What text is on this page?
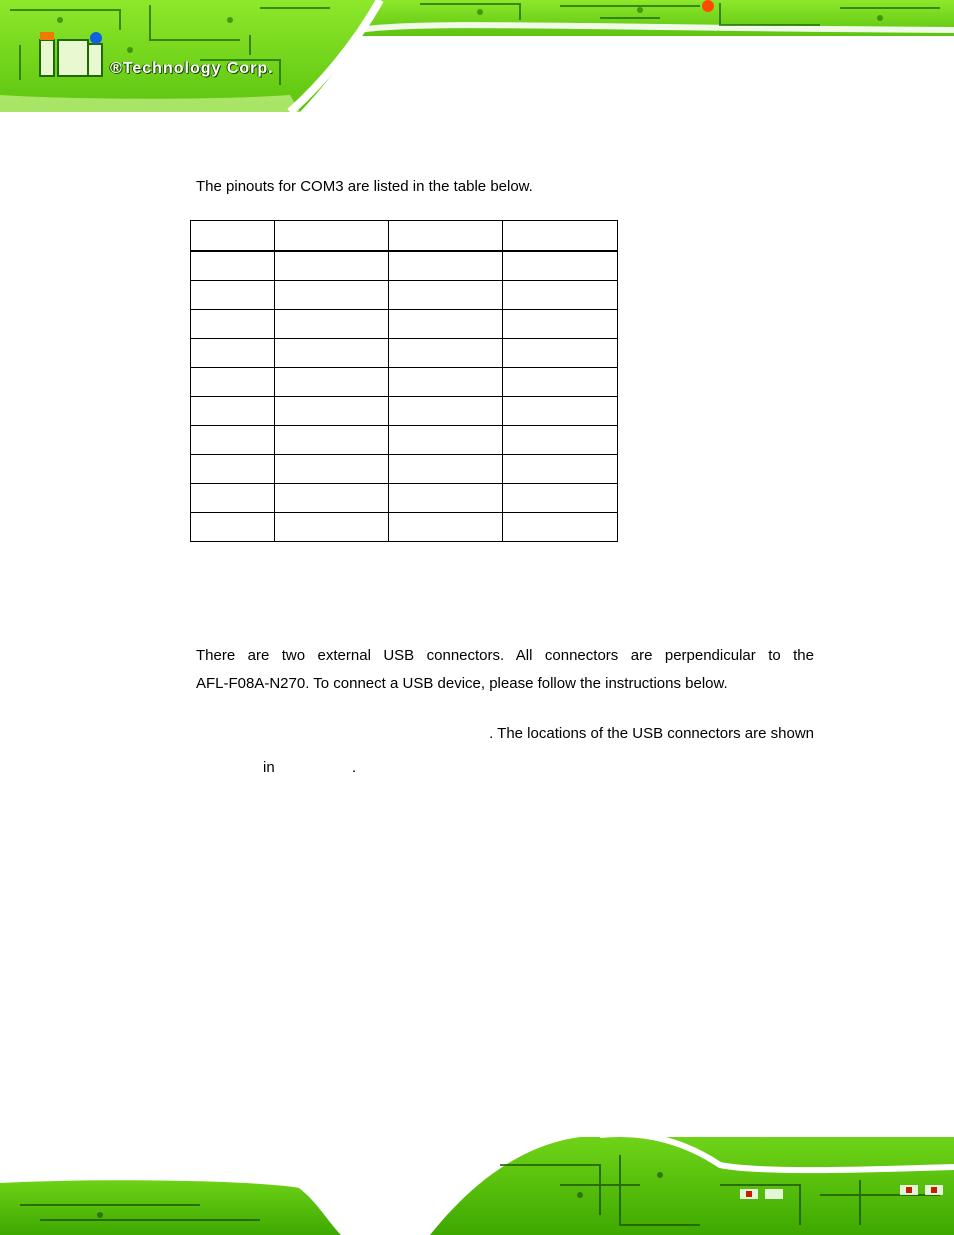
®Technology Corp.

The pinouts for COM3 are listed in the table below.

There are two external USB connectors. All connectors are perpendicular to the

AFL-F08A-N270. To connect a USB device, please follow the instructions below.

. The locations of the USB connectors are shown

in	.
